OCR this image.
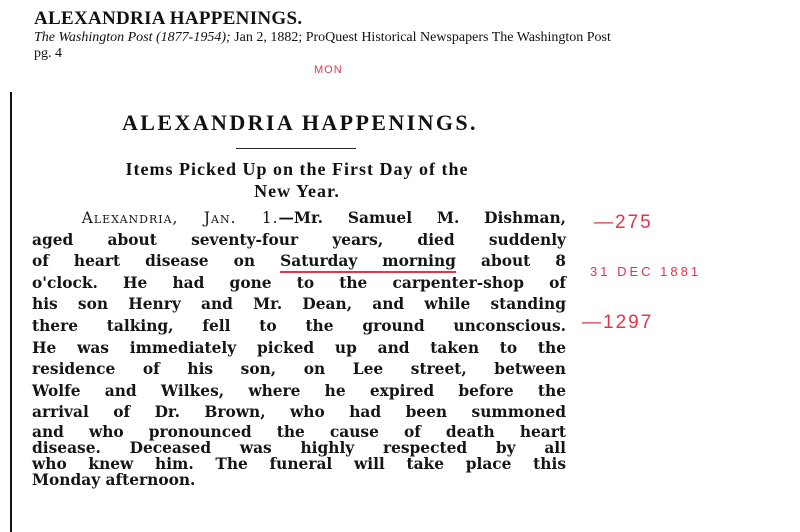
ALEXANDRIA HAPPENINGS.
The Washington Post (1877-1954); Jan 2, 1882; ProQuest Historical Newspapers The Washington Post
pg. 4
MON
—275
31 DEC 1881
—1297
ALEXANDRIA HAPPENINGS.
Items Picked Up on the First Day of the
New Year.
Alexandria, Jan. 1.—Mr. Samuel M. Dishman,
aged about seventy-four years, died suddenly
of heart disease on Saturday morning about 8
o'clock. He had gone to the carpenter-shop of
his son Henry and Mr. Dean, and while standing
there talking, fell to the ground unconscious.
He was immediately picked up and taken to the
residence of his son, on Lee street, between
Wolfe and Wilkes, where he expired before the
arrival of Dr. Brown, who had been summoned
and who pronounced the cause of death heart
disease. Deceased was highly respected by all
who knew him. The funeral will take place this
Monday afternoon.
